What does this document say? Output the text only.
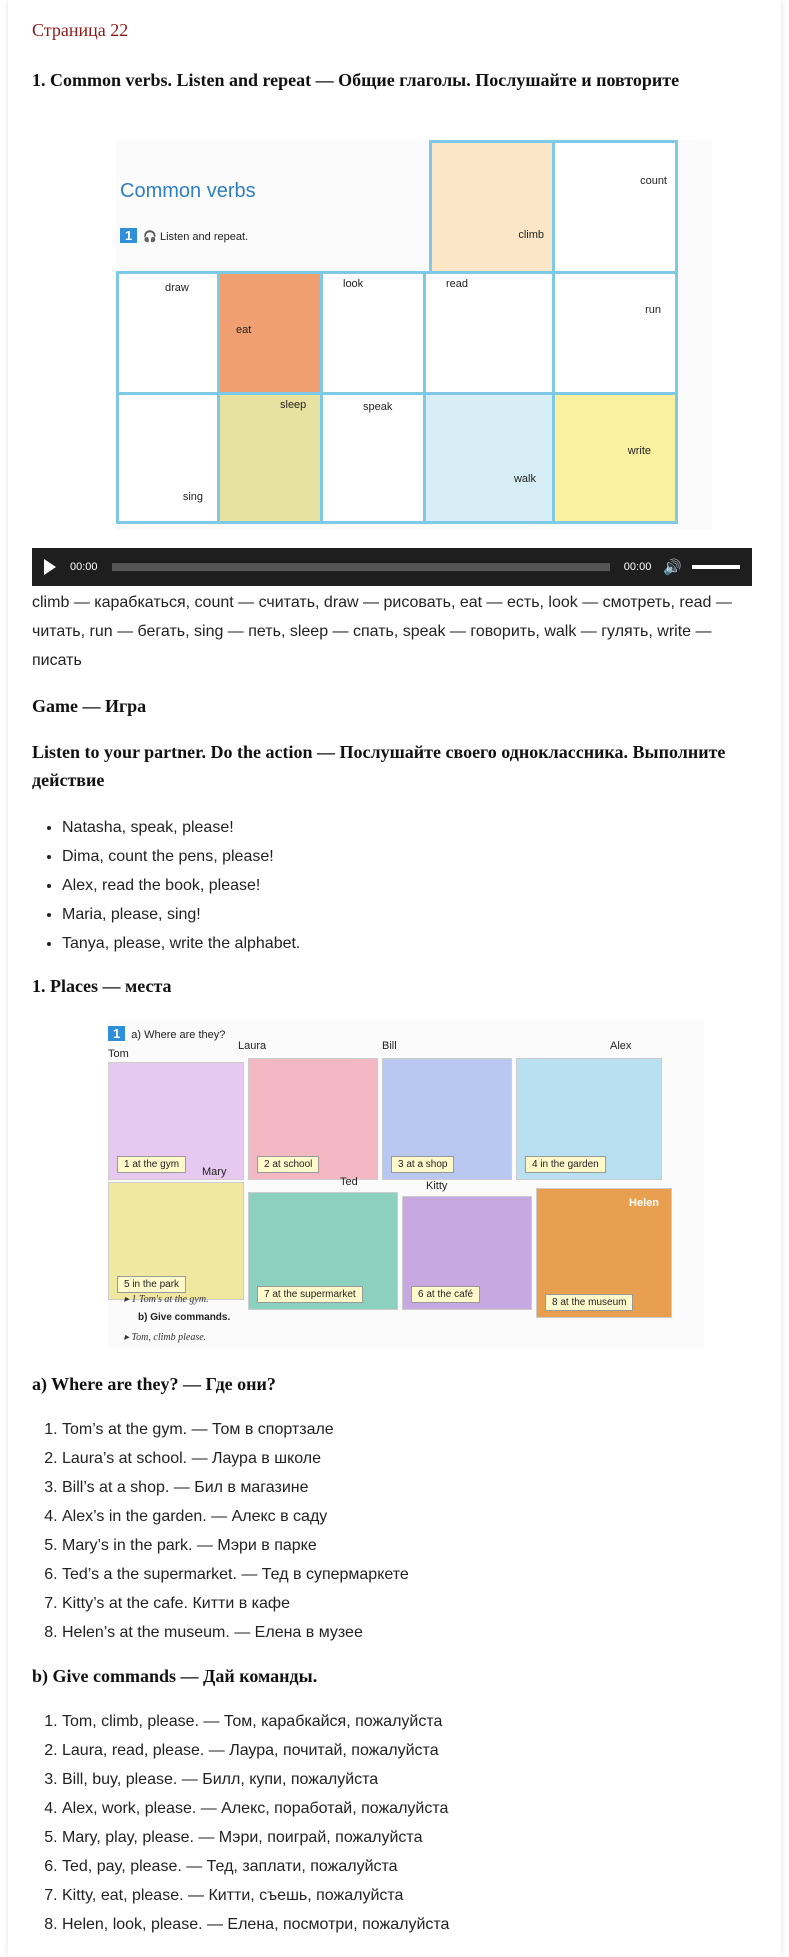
Страница 22
1. Common verbs. Listen and repeat — Общие глаголы. Послушайте и повторите
Common verbs
1 🎧 Listen and repeat.	climb
count
draw
eat
look	read
run
sing
sleep	speak
walk
write
00:00	00:00 🔊
climb — карабкаться, count — считать, draw — рисовать, eat — есть, look — смотреть, read — читать, run — бегать, sing — петь, sleep — спать, speak — говорить, walk — гулять, write — писать
Game — Игра
Listen to your partner. Do the action — Послушайте своего одноклассника. Выполните действие
• Natasha, speak, please!
• Dima, count the pens, please!
• Alex, read the book, please!
• Maria, please, sing!
• Tanya, please, write the alphabet.
1. Places — места
1 a) Where are they?
Tom
Laura	Bill	Alex
1 at the gym	2 at school	3 at a shop	4 in the garden
Mary
Ted	Kitty
5 in the park
7 at the supermarket	6 at the café
Helen
8 at the museum
▸ 1 Tom's at the gym.
b) Give commands.
▸ Tom, climb please.
a) Where are they? — Где они?
1. Tom’s at the gym. — Том в спортзале
2. Laura’s at school. — Лаура в школе
3. Bill’s at a shop. — Бил в магазине
4. Alex’s in the garden. — Алекс в саду
5. Mary’s in the park. — Мэри в парке
6. Ted’s a the supermarket. — Тед в супермаркете
7. Kitty’s at the cafe. Китти в кафе
8. Helen’s at the museum. — Елена в музее
b) Give commands — Дай команды.
1. Tom, climb, please. — Том, карабкайся, пожалуйста
2. Laura, read, please. — Лаура, почитай, пожалуйста
3. Bill, buy, please. — Билл, купи, пожалуйста
4. Alex, work, please. — Алекс, поработай, пожалуйста
5. Mary, play, please. — Мэри, поиграй, пожалуйста
6. Ted, pay, please. — Тед, заплати, пожалуйста
7. Kitty, eat, please. — Китти, съешь, пожалуйста
8. Helen, look, please. — Елена, посмотри, пожалуйста
